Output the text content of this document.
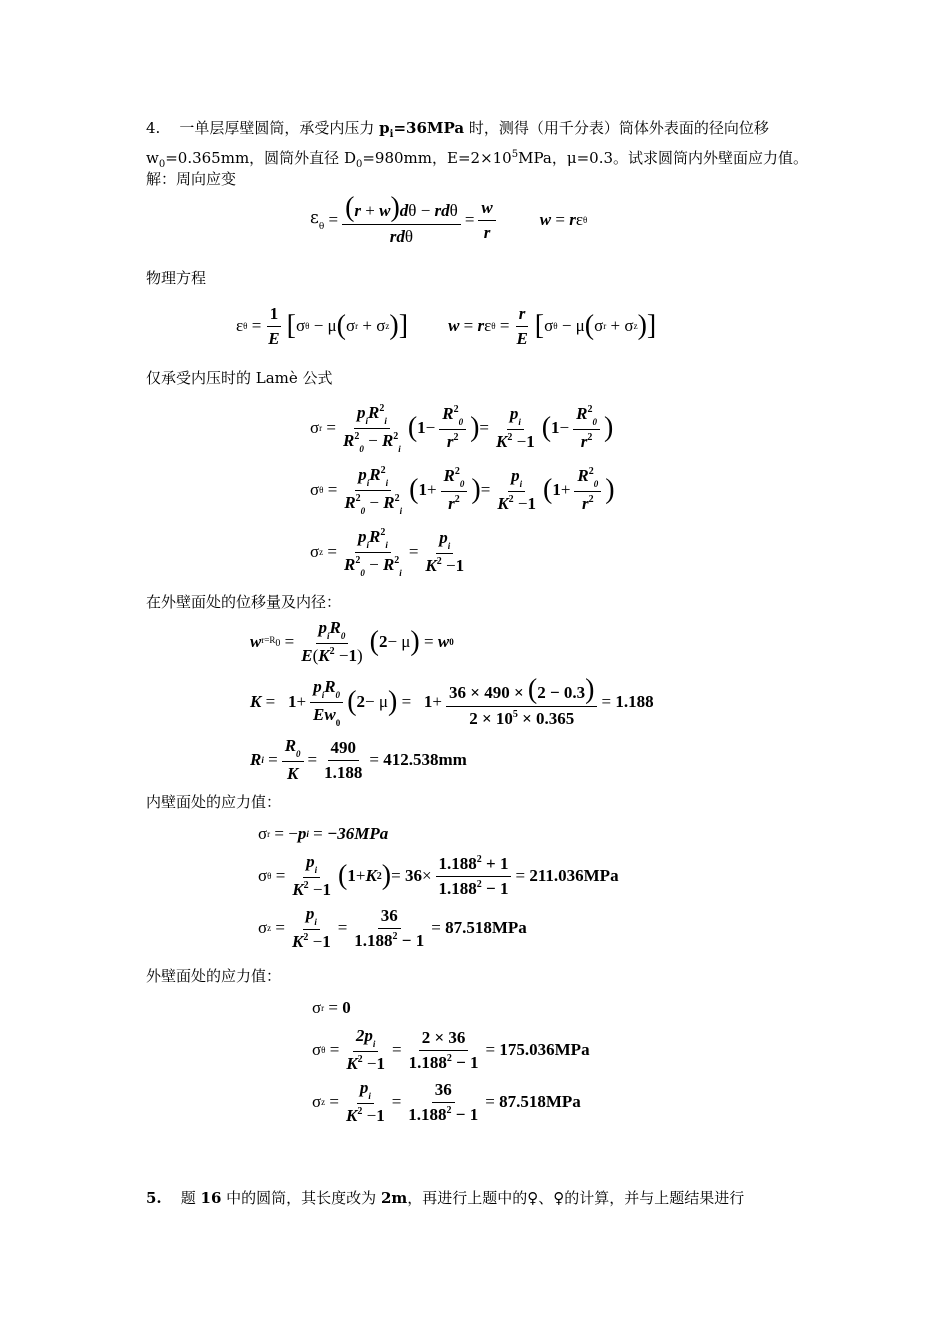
4. 一单层厚壁圆筒，承受内压力 $p_i=36MPa$ 时，测得（用千分表）筒体外表面的径向位移
$w_0=0.365mm$，圆筒外直径 $D_0=980mm$，$E=2\times 10^5MPa$，μ=0.3。试求圆筒内外壁面应力值。
解：周向应变
$\varepsilon_\theta = \frac{\text{(r + w)dθ − rdθ}}{\text{rdθ}} = \frac{w}{r}$	w = r ε θ
物理方程
ε $\theta = \frac{1}{E}$ [ σ θ − μ ( σ r + σ z )] w = r ε $\theta = \frac{r}{E}$ [ σ θ − μ ( σ r + σ z )]
仅承受内压时的 Lamè 公式
σ $r = \frac{p_iR^2_i}{R^2_0 - R^2_i}$ ( $1 - \frac{R^2_0}{r^2}$ ) = $\frac{p_i}{K^2 -1}$ ( $1 - \frac{R^2_0}{r^2}$ )
σ $\theta = \frac{p_iR^2_i}{R^2_0 - R^2_i}$ ( $1 + \frac{R^2_0}{r^2}$ ) = $\frac{p_i}{K^2 -1}$ ( $1 + \frac{R^2_0}{r^2}$ )
σ $z = \frac{p_iR^2_i}{R^2_0 - R^2_i} = \frac{p_i}{K^2 -1}$
在外壁面处的位移量及内径：
w $r=R_0 = \frac{p_iR_0}{E(K^2 -1)}$ ( 2 − μ ) = w 0
$K = 1 + \frac{p_iR_0}{Ew_0}$ ( 2 − μ ) = $1 + \frac{36 \times 490 \times (2 - 0.3)}{2 \times 10^5 \times 0.365} = 1.188$
R $i = \frac{R_0}{K} = \frac{490}{1.188} = 412.538mm$
内壁面处的应力值：
σ r = − p i = −36MPa
σ $\theta = \frac{p_i}{K^2 -1}$ ( 1 + K 2 ) = $36 \times \frac{1.188^2 + 1}{1.188^2 - 1} = 211.036MPa$
σ $z = \frac{p_i}{K^2 -1} = \frac{36}{1.188^2 - 1} = 87.518MPa$
外壁面处的应力值：
σ r = 0
σ $\theta = \frac{2p_i}{K^2 -1} = \frac{2 \times 36}{1.188^2 - 1} = 175.036MPa$
σ $z = \frac{p_i}{K^2 -1} = \frac{36}{1.188^2 - 1} = 87.518MPa$
5. 题 16 中的圆筒，其长度改为 2m，再进行上题中的♀、♀的计算，并与上题结果进行
